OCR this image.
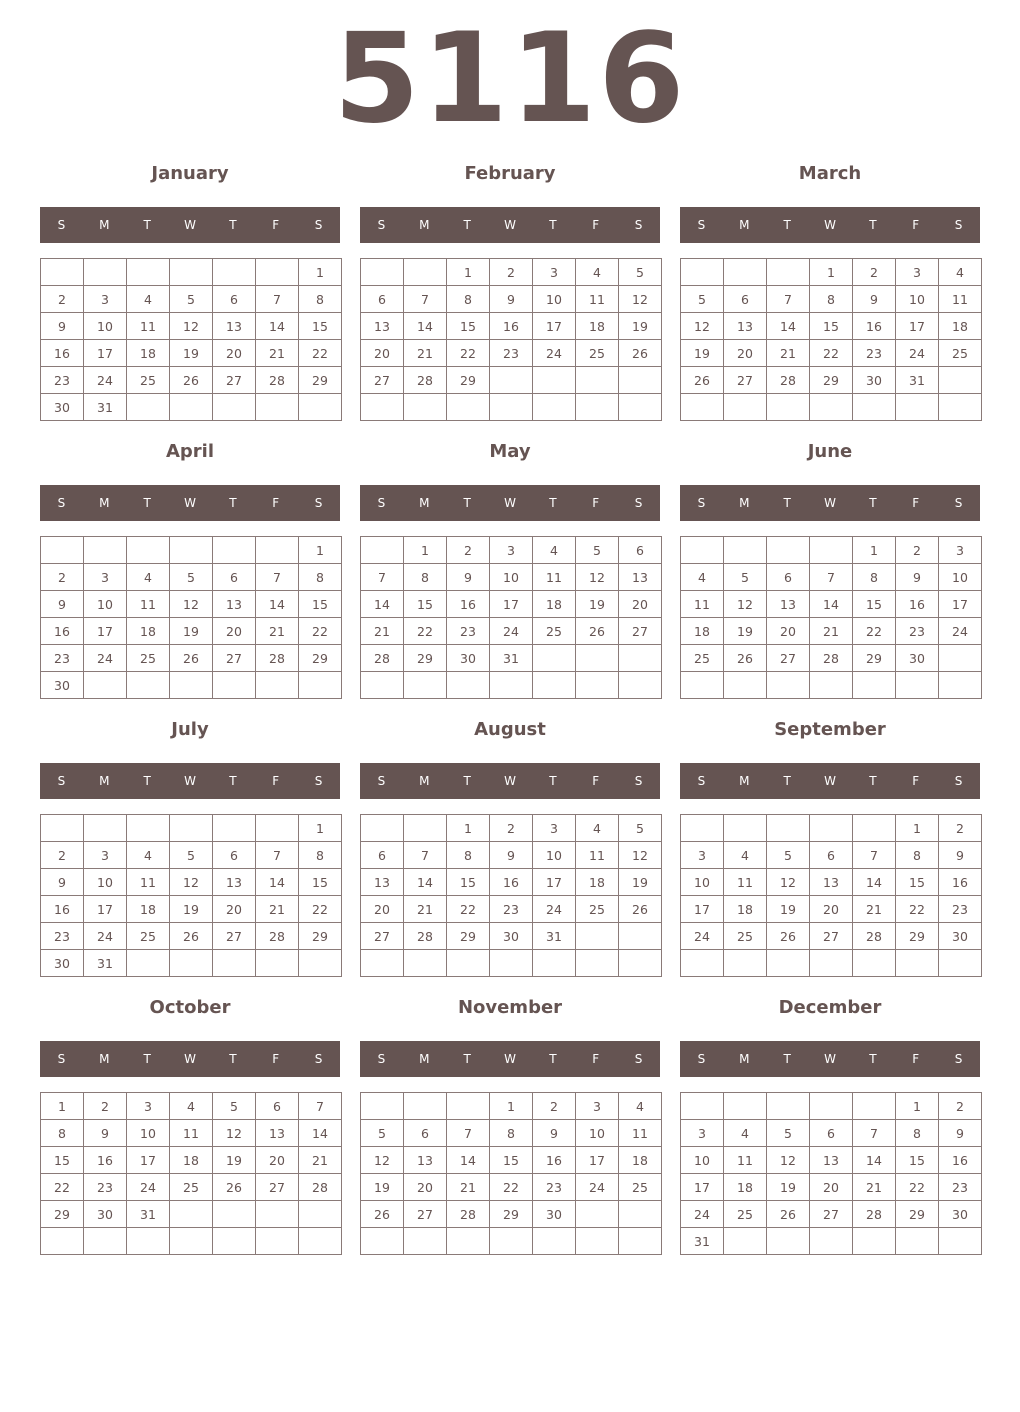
5116
January
S	M	T	W	T	F	S
						1
2	3	4	5	6	7	8
9	10	11	12	13	14	15
16	17	18	19	20	21	22
23	24	25	26	27	28	29
30	31					
February
S	M	T	W	T	F	S
		1	2	3	4	5
6	7	8	9	10	11	12
13	14	15	16	17	18	19
20	21	22	23	24	25	26
27	28	29				

March
S	M	T	W	T	F	S
			1	2	3	4
5	6	7	8	9	10	11
12	13	14	15	16	17	18
19	20	21	22	23	24	25
26	27	28	29	30	31	

April
S	M	T	W	T	F	S
						1
2	3	4	5	6	7	8
9	10	11	12	13	14	15
16	17	18	19	20	21	22
23	24	25	26	27	28	29
30						
May
S	M	T	W	T	F	S
	1	2	3	4	5	6
7	8	9	10	11	12	13
14	15	16	17	18	19	20
21	22	23	24	25	26	27
28	29	30	31			

June
S	M	T	W	T	F	S
				1	2	3
4	5	6	7	8	9	10
11	12	13	14	15	16	17
18	19	20	21	22	23	24
25	26	27	28	29	30	

July
S	M	T	W	T	F	S
						1
2	3	4	5	6	7	8
9	10	11	12	13	14	15
16	17	18	19	20	21	22
23	24	25	26	27	28	29
30	31					
August
S	M	T	W	T	F	S
		1	2	3	4	5
6	7	8	9	10	11	12
13	14	15	16	17	18	19
20	21	22	23	24	25	26
27	28	29	30	31		

September
S	M	T	W	T	F	S
					1	2
3	4	5	6	7	8	9
10	11	12	13	14	15	16
17	18	19	20	21	22	23
24	25	26	27	28	29	30

October
S	M	T	W	T	F	S
1	2	3	4	5	6	7
8	9	10	11	12	13	14
15	16	17	18	19	20	21
22	23	24	25	26	27	28
29	30	31				

November
S	M	T	W	T	F	S
			1	2	3	4
5	6	7	8	9	10	11
12	13	14	15	16	17	18
19	20	21	22	23	24	25
26	27	28	29	30		

December
S	M	T	W	T	F	S
					1	2
3	4	5	6	7	8	9
10	11	12	13	14	15	16
17	18	19	20	21	22	23
24	25	26	27	28	29	30
31						
